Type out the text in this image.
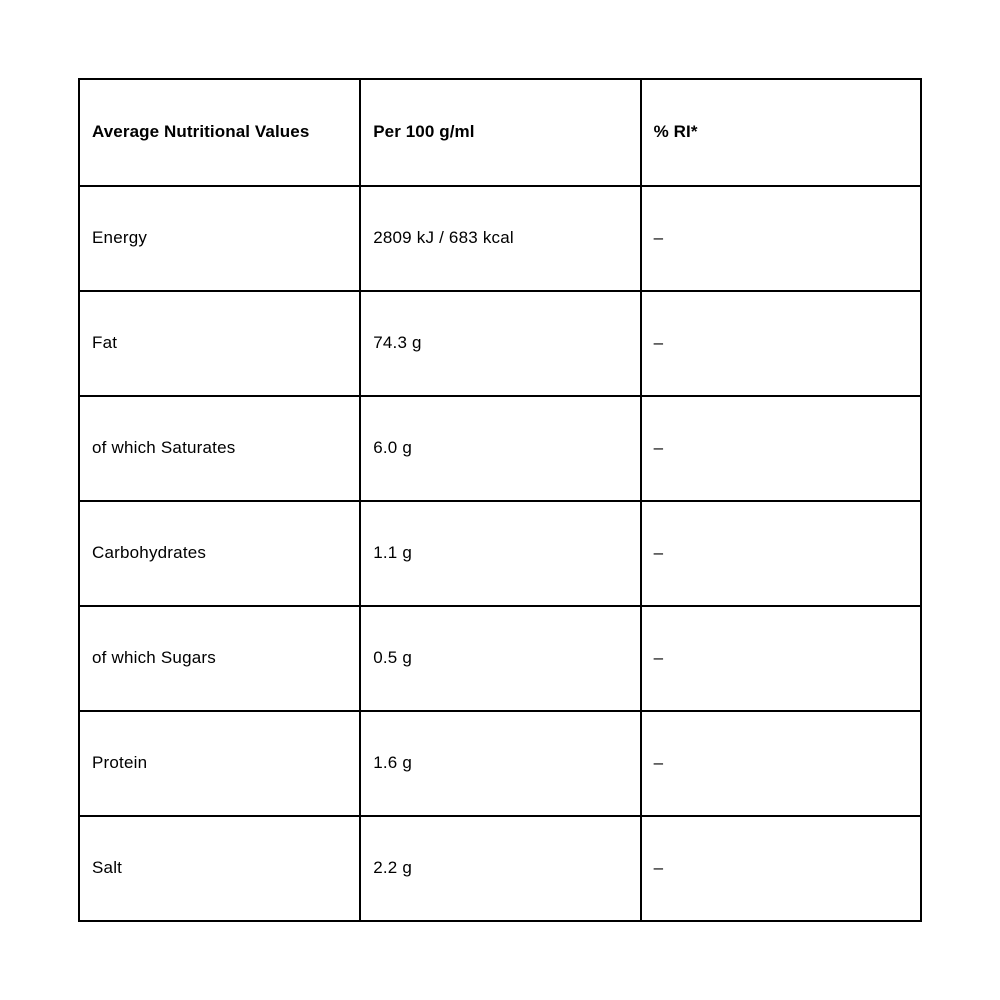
Average Nutritional Values	Per 100 g/ml	% RI*
Energy	2809 kJ / 683 kcal	–
Fat	74.3 g	–
of which Saturates	6.0 g	–
Carbohydrates	1.1 g	–
of which Sugars	0.5 g	–
Protein	1.6 g	–
Salt	2.2 g	–
